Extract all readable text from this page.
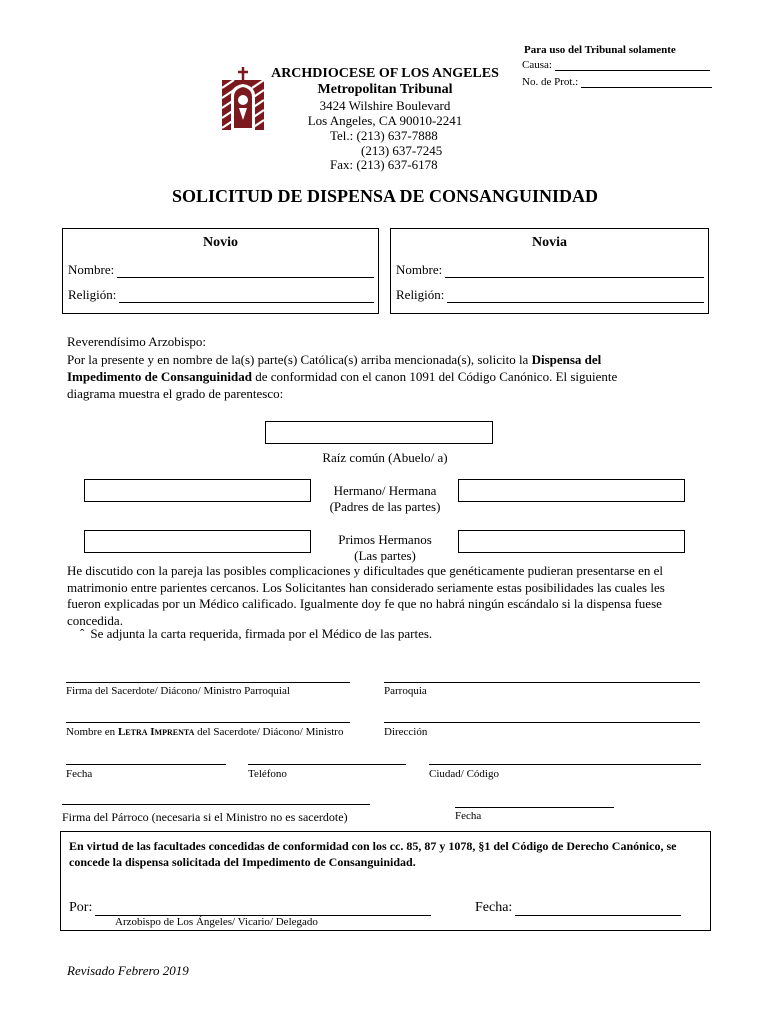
Para uso del Tribunal solamente
Causa:
No. de Prot.:
ARCHDIOCESE OF LOS ANGELES
Metropolitan Tribunal
3424 Wilshire Boulevard
Los Angeles, CA 90010-2241
Tel.: (213) 637-7888
(213) 637-7245
Fax: (213) 637-6178
SOLICITUD DE DISPENSA DE CONSANGUINIDAD
Novio
Nombre:
Religión:
Novia
Nombre:
Religión:
Reverendísimo Arzobispo:
Por la presente y en nombre de la(s) parte(s) Católica(s) arriba mencionada(s), solicito la Dispensa del Impedimento de Consanguinidad de conformidad con el canon 1091 del Código Canónico. El siguiente diagrama muestra el grado de parentesco:
Raíz común (Abuelo/ a)
Hermano/ Hermana
(Padres de las partes)
Primos Hermanos
(Las partes)
He discutido con la pareja las posibles complicaciones y dificultades que genéticamente pudieran presentarse en el matrimonio entre parientes cercanos. Los Solicitantes han considerado seriamente estas posibilidades las cuales les fueron explicadas por un Médico calificado. Igualmente doy fe que no habrá ningún escándalo si la dispensa fuese concedida.
ˆ Se adjunta la carta requerida, firmada por el Médico de las partes.
Firma del Sacerdote/ Diácono/ Ministro Parroquial	Parroquia
Nombre en Letra Imprenta del Sacerdote/ Diácono/ Ministro	Dirección
Fecha	Teléfono	Ciudad/ Código
Firma del Párroco (necesaria si el Ministro no es sacerdote)	Fecha
En virtud de las facultades concedidas de conformidad con los cc. 85, 87 y 1078, §1 del Código de Derecho Canónico, se concede la dispensa solicitada del Impedimento de Consanguinidad.
Por:
Arzobispo de Los Ángeles/ Vicario/ Delegado
Fecha:
Revisado Febrero 2019
